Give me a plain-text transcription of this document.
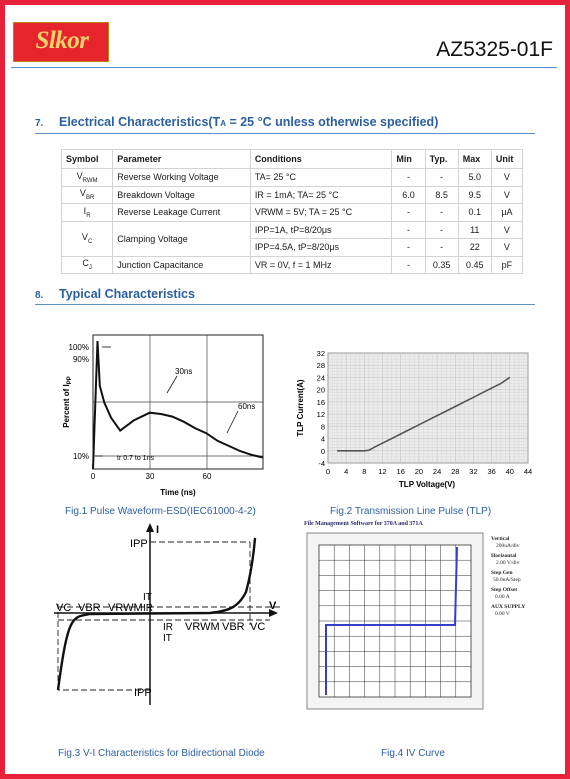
Slkor	AZ5325-01F
7. Electrical Characteristics(TA = 25 °C unless otherwise specified)
Symbol	Parameter	Conditions	Min	Typ.	Max	Unit
$V_{RWM}$	Reverse Working Voltage	TA= 25 °C	-	-	5.0	V
$V_{BR}$	Breakdown Voltage	IR = 1mA; TA= 25 °C	6.0	8.5	9.5	V
$I_R$	Reverse Leakage Current	VRWM = 5V; TA = 25 °C	-	-	0.1	µA
$V_C$	Clamping Voltage	IPP=1A, tP=8/20μs	-	-	11	V
		IPP=4.5A, tP=8/20μs	-	-	22	V
$C_J$	Junction Capacitance	VR = 0V, f = 1 MHz	-	0.35	0.45	pF
8. Typical Characteristics
100%
90%
10%
Percent of $I_{PP}$
0	30	60
Time (ns)
30ns
60ns
tr 0.7 to 1ns
Fig.1 Pulse Waveform-ESD(IEC61000-4-2)
32
28
24
20
16
12
8
4
0
-4
0 4 8 12 16 20 24 28 32 36 40 44
TLP Current(A)
TLP Voltage(V)
Fig.2 Transmission Line Pulse (TLP)
IPP
IPP
IT
IR
IR
IT
VC VBR VRWM
VRWM VBR VC
I
V
Fig.3 V-I Characteristics for Bidirectional Diode
File Management Software for 370A and 371A
Vertical
200uA/div
Horizontal
2.00 V/div
Step Gen
50.0nA/Step
Step Offset
0.00 A
AUX SUPPLY
0.00 V
Fig.4 IV Curve
